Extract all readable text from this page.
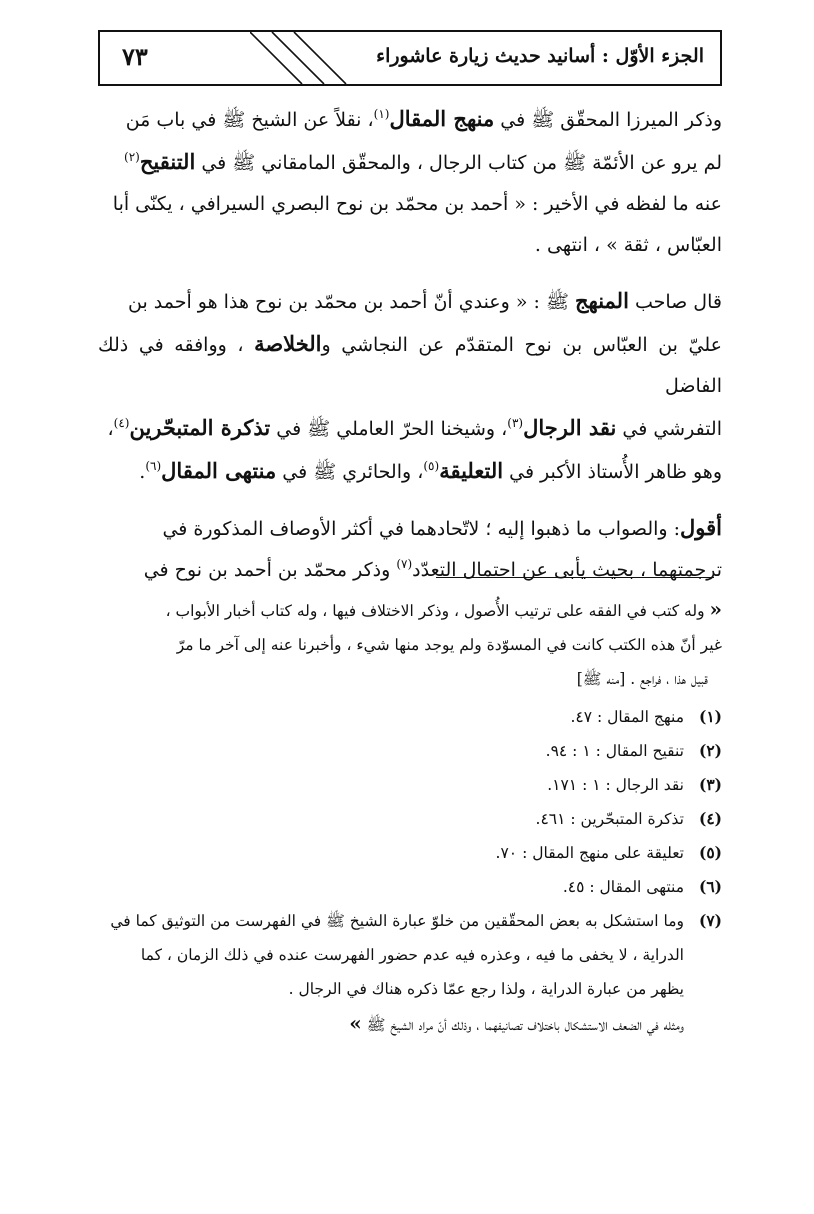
الجزء الأوّل : أسانيد حديث زيارة عاشوراء
٧٣

وذكر الميرزا المحقّق ﷺ في منهج المقال$^{(١)}$، نقلاً عن الشيخ ﷺ في باب مَن

لم يرو عن الأئمّة ﷺ من كتاب الرجال ، والمحقّق المامقاني ﷺ في التنقيح$^{(٢)}$

عنه ما لفظه في الأخير : « أحمد بن محمّد بن نوح البصري السيرافي ، يكنّى أبا

العبّاس ، ثقة » ، انتهى .

قال صاحب المنهج ﷺ : « وعندي أنّ أحمد بن محمّد بن نوح هذا هو أحمد بن

عليّ بن العبّاس بن نوح المتقدّم عن النجاشي والخلاصة ، ووافقه في ذلك الفاضل

التفرشي في نقد الرجال$^{(٣)}$، وشيخنا الحرّ العاملي ﷺ في تذكرة المتبحّرين$^{(٤)}$،

وهو ظاهر الأُستاذ الأكبر في التعليقة$^{(٥)}$، والحائري ﷺ في منتهى المقال$^{(٦)}$.

أقول: والصواب ما ذهبوا إليه ؛ لاتّحادهما في أكثر الأوصاف المذكورة في

ترجمتهما ، بحيث يأبى عن احتمال التعدّد$^{(٧)}$ وذكر محمّد بن أحمد بن نوح في

« وله كتب في الفقه على ترتيب الأُصول ، وذكر الاختلاف فيها ، وله كتاب أخبار الأبواب ،

غير أنّ هذه الكتب كانت في المسوّدة ولم يوجد منها شيء ، وأخبرنا عنه إلى آخر ما مرّ

قبيل هذا ، فراجع . [منه ﷺ]

(١)
منهج المقال : ٤٧.
(٢)
تنقيح المقال : ١ : ٩٤.
(٣)
نقد الرجال : ١ : ١٧١.
(٤)
تذكرة المتبحّرين : ٤٦١.
(٥)
تعليقة على منهج المقال : ٧٠.
(٦)
منتهى المقال : ٤٥.
(٧)

وما استشكل به بعض المحقّقين من خلوّ عبارة الشيخ ﷺ في الفهرست من التوثيق كما في

الدراية ، لا يخفى ما فيه ، وعذره فيه عدم حضور الفهرست عنده في ذلك الزمان ، كما

يظهر من عبارة الدراية ، ولذا رجع عمّا ذكره هناك في الرجال .

ومثله في الضعف الاستشكال باختلاف تصانيفهما ، وذلك أنّ مراد الشيخ ﷺ »
